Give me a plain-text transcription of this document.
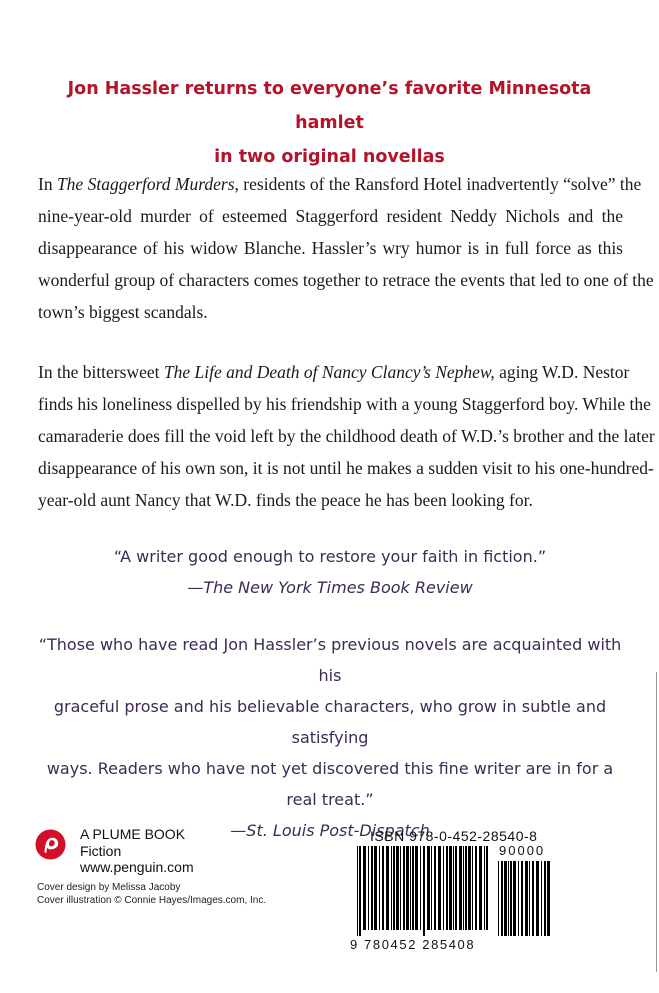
Jon Hassler returns to everyone’s favorite Minnesota hamlet
in two original novellas
In The Staggerford Murders, residents of the Ransford Hotel inadvertently “solve” the
nine-year-old murder of esteemed Staggerford resident Neddy Nichols and the
disappearance of his widow Blanche. Hassler’s wry humor is in full force as this
wonderful group of characters comes together to retrace the events that led to one of the
town’s biggest scandals.
In the bittersweet The Life and Death of Nancy Clancy’s Nephew, aging W.D. Nestor
finds his loneliness dispelled by his friendship with a young Staggerford boy. While the
camaraderie does fill the void left by the childhood death of W.D.’s brother and the later
disappearance of his own son, it is not until he makes a sudden visit to his one-hundred-
year-old aunt Nancy that W.D. finds the peace he has been looking for.
“A writer good enough to restore your faith in fiction.”
—The New York Times Book Review
“Those who have read Jon Hassler’s previous novels are acquainted with his
graceful prose and his believable characters, who grow in subtle and satisfying
ways. Readers who have not yet discovered this fine writer are in for a real treat.”
—St. Louis Post-Dispatch
A PLUME BOOK
Fiction
www.penguin.com
Cover design by Melissa Jacoby
Cover illustration © Connie Hayes/Images.com, Inc.
ISBN 978-0-452-28540-8
90000
9 780452 285408
